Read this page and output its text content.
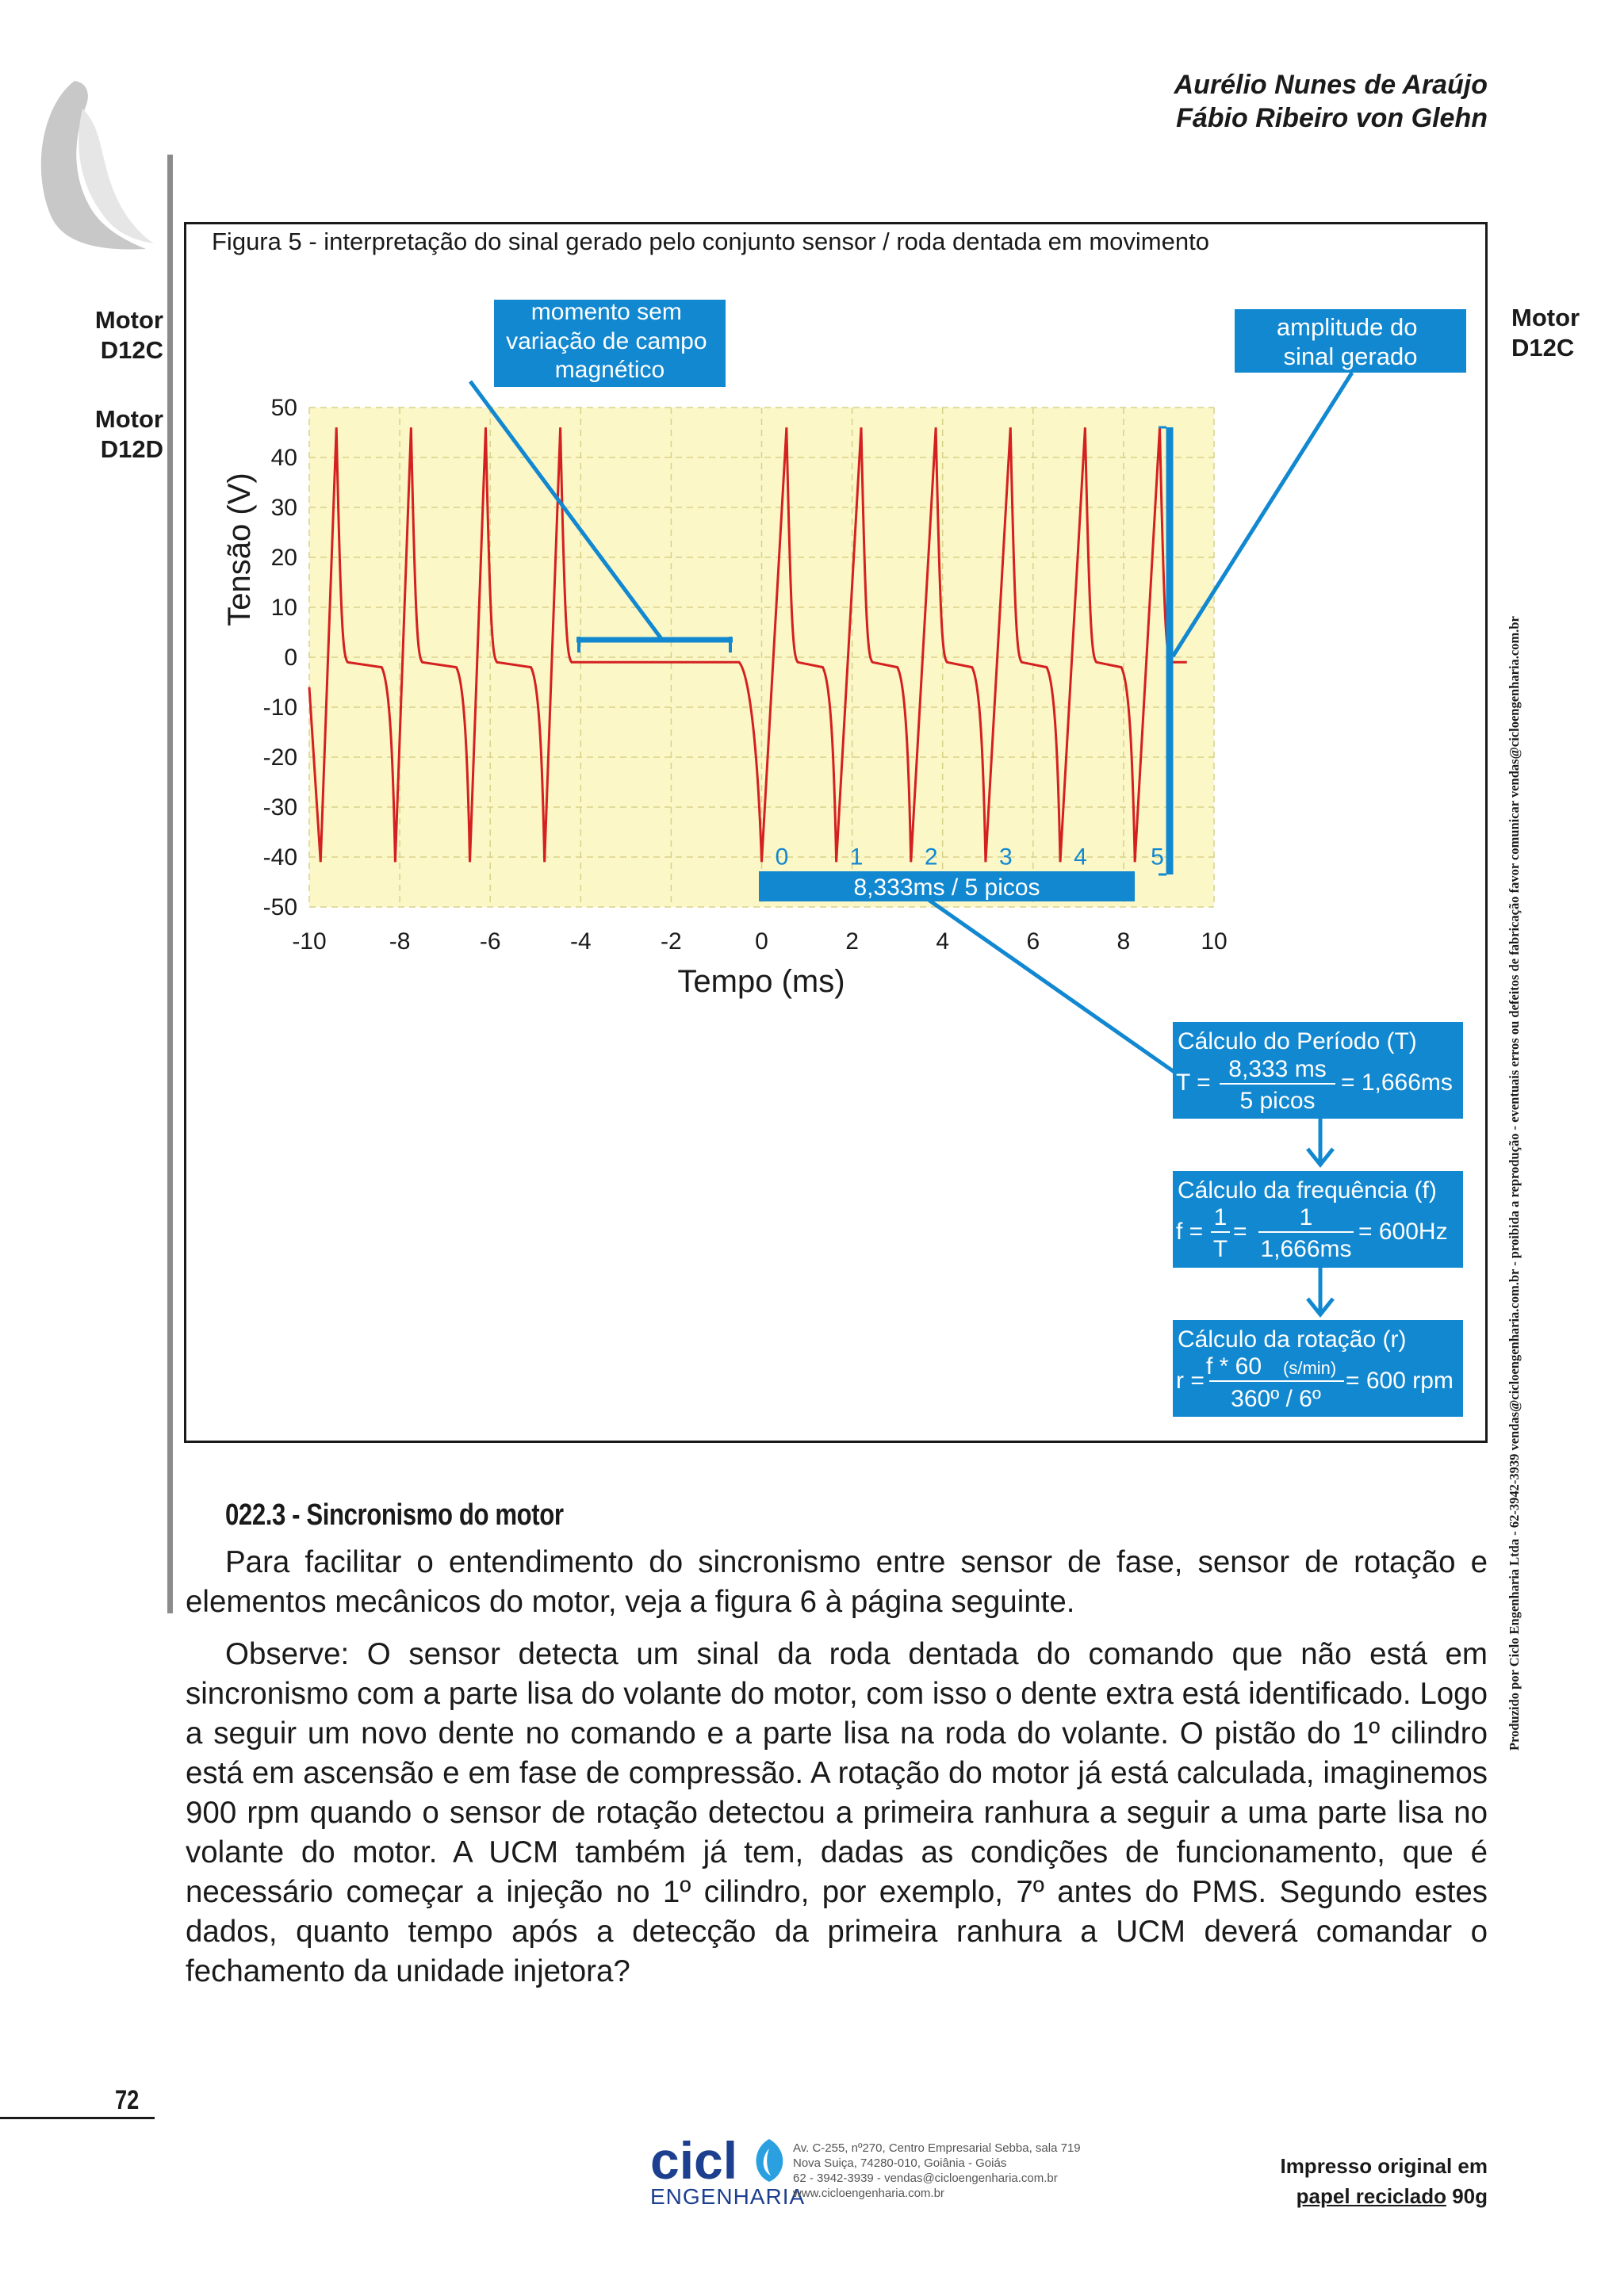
Aurélio Nunes de Araújo
Fábio Ribeiro von Glehn
Motor
D12C
Motor
D12D
Motor
D12C
Produzido por Ciclo Engenharia Ltda - 62-3942-3939 vendas@cicloengenharia.com.br - proibida a reprodução - eventuais erros ou defeitos de fabricação favor comunicar vendas@cicloengenharia.com.br
Figura 5 - interpretação do sinal gerado pelo conjunto sensor / roda dentada em movimento
50
40
30
20
10
0
-10
-20
-30
-40
-50
-10	-8	-6	-4	-2	0	2	4	6	8	10
Tensão (V)
Tempo (ms)
momento sem variação de campo magnético
amplitude do sinal gerado
0	1	2	3	4	5
8,333ms / 5 picos
Cálculo do Período (T)
T =
8,333 ms
5 picos
= 1,666ms
Cálculo da frequência (f)
f =
1
T
=
1
1,666ms
= 600Hz
Cálculo da rotação (r)
r =
f * 60 (s/min)
360º / 6º
= 600 rpm
022.3 - Sincronismo do motor

Para facilitar o entendimento do sincronismo entre sensor de fase, sensor de rotação e elementos mecânicos do motor, veja a figura 6 à página seguinte.

Observe: O sensor detecta um sinal da roda dentada do comando que não está em sincronismo com a parte lisa do volante do motor, com isso o dente extra está identificado. Logo a seguir um novo dente no comando e a parte lisa na roda do volante. O pistão do 1º cilindro está em ascensão e em fase de compressão. A rotação do motor já está calculada, imaginemos 900 rpm quando o sensor de rotação detectou a primeira ranhura a seguir a uma parte lisa no volante do motor. A UCM também já tem, dadas as condições de funcionamento, que é necessário começar a injeção no 1º cilindro, por exemplo, 7º antes do PMS. Segundo estes dados, quanto tempo após a detecção da primeira ranhura a UCM deverá comandar o fechamento da unidade injetora?

72
cicl
ENGENHARIA
Av. C-255, nº270, Centro Empresarial Sebba, sala 719
Nova Suiça, 74280-010, Goiânia - Goiás
62 - 3942-3939 - vendas@cicloengenharia.com.br
www.cicloengenharia.com.br
Impresso original em
papel reciclado 90g
